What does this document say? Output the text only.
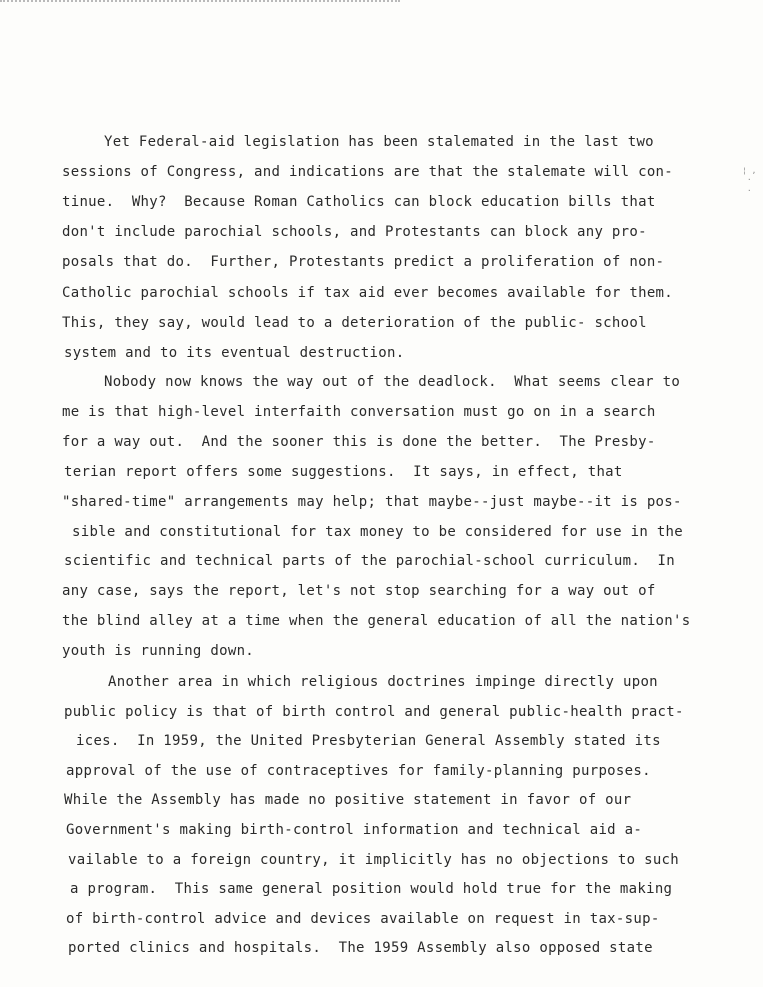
¦ ,
·
.
Yet Federal-aid legislation has been stalemated in the last two
sessions of Congress, and indications are that the stalemate will con-
tinue.  Why?  Because Roman Catholics can block education bills that
don't include parochial schools, and Protestants can block any pro-
posals that do.  Further, Protestants predict a proliferation of non-
Catholic parochial schools if tax aid ever becomes available for them.
This, they say, would lead to a deterioration of the public- school
system and to its eventual destruction.
Nobody now knows the way out of the deadlock.  What seems clear to
me is that high-level interfaith conversation must go on in a search
for a way out.  And the sooner this is done the better.  The Presby-
terian report offers some suggestions.  It says, in effect, that
"shared-time" arrangements may help; that maybe--just maybe--it is pos-
sible and constitutional for tax money to be considered for use in the
scientific and technical parts of the parochial-school curriculum.  In
any case, says the report, let's not stop searching for a way out of
the blind alley at a time when the general education of all the nation's
youth is running down.
Another area in which religious doctrines impinge directly upon
public policy is that of birth control and general public-health pract-
ices.  In 1959, the United Presbyterian General Assembly stated its
approval of the use of contraceptives for family-planning purposes.
While the Assembly has made no positive statement in favor of our
Government's making birth-control information and technical aid a-
vailable to a foreign country, it implicitly has no objections to such
a program.  This same general position would hold true for the making
of birth-control advice and devices available on request in tax-sup-
ported clinics and hospitals.  The 1959 Assembly also opposed state
